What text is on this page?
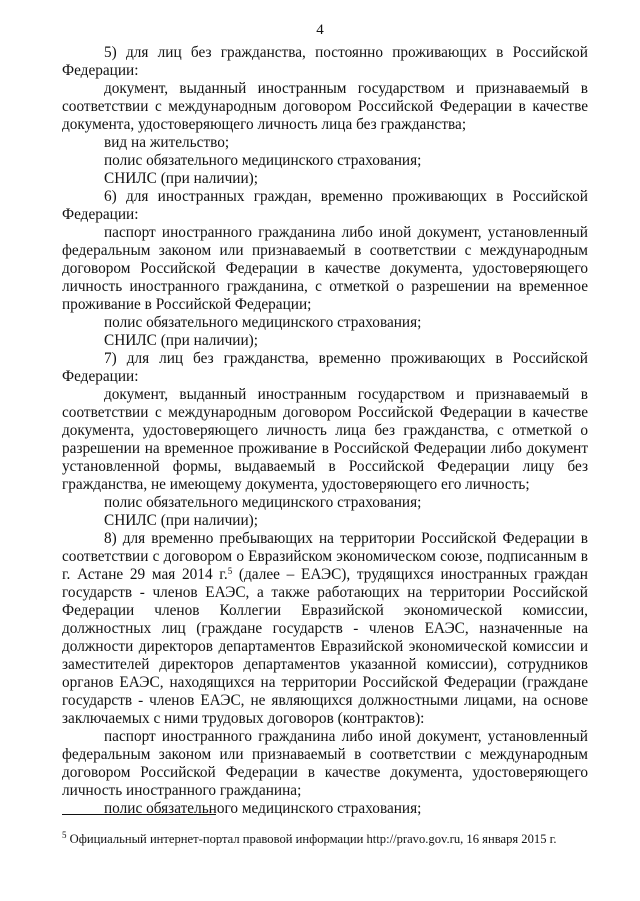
4
5) для лиц без гражданства, постоянно проживающих в Российской
Федерации:
документ, выданный иностранным государством и признаваемый в
соответствии с международным договором Российской Федерации в качестве
документа, удостоверяющего личность лица без гражданства;
вид на жительство;
полис обязательного медицинского страхования;
СНИЛС (при наличии);
6) для иностранных граждан, временно проживающих в Российской
Федерации:
паспорт иностранного гражданина либо иной документ, установленный
федеральным законом или признаваемый в соответствии с международным
договором Российской Федерации в качестве документа, удостоверяющего
личность иностранного гражданина, с отметкой о разрешении на временное
проживание в Российской Федерации;
полис обязательного медицинского страхования;
СНИЛС (при наличии);
7) для лиц без гражданства, временно проживающих в Российской
Федерации:
документ, выданный иностранным государством и признаваемый в
соответствии с международным договором Российской Федерации в качестве
документа, удостоверяющего личность лица без гражданства, с отметкой о
разрешении на временное проживание в Российской Федерации либо документ
установленной формы, выдаваемый в Российской Федерации лицу без
гражданства, не имеющему документа, удостоверяющего его личность;
полис обязательного медицинского страхования;
СНИЛС (при наличии);
8) для временно пребывающих на территории Российской Федерации в
соответствии с договором о Евразийском экономическом союзе, подписанным в
г. Астане 29 мая 2014 г.$^5$ (далее – ЕАЭС), трудящихся иностранных граждан
государств - членов ЕАЭС, а также работающих на территории Российской
Федерации членов Коллегии Евразийской экономической комиссии,
должностных лиц (граждане государств - членов ЕАЭС, назначенные на
должности директоров департаментов Евразийской экономической комиссии и
заместителей директоров департаментов указанной комиссии), сотрудников
органов ЕАЭС, находящихся на территории Российской Федерации (граждане
государств - членов ЕАЭС, не являющихся должностными лицами, на основе
заключаемых с ними трудовых договоров (контрактов):
паспорт иностранного гражданина либо иной документ, установленный
федеральным законом или признаваемый в соответствии с международным
договором Российской Федерации в качестве документа, удостоверяющего
личность иностранного гражданина;
полис обязательного медицинского страхования;
$^5$ Официальный интернет-портал правовой информации http://pravo.gov.ru, 16 января 2015 г.
